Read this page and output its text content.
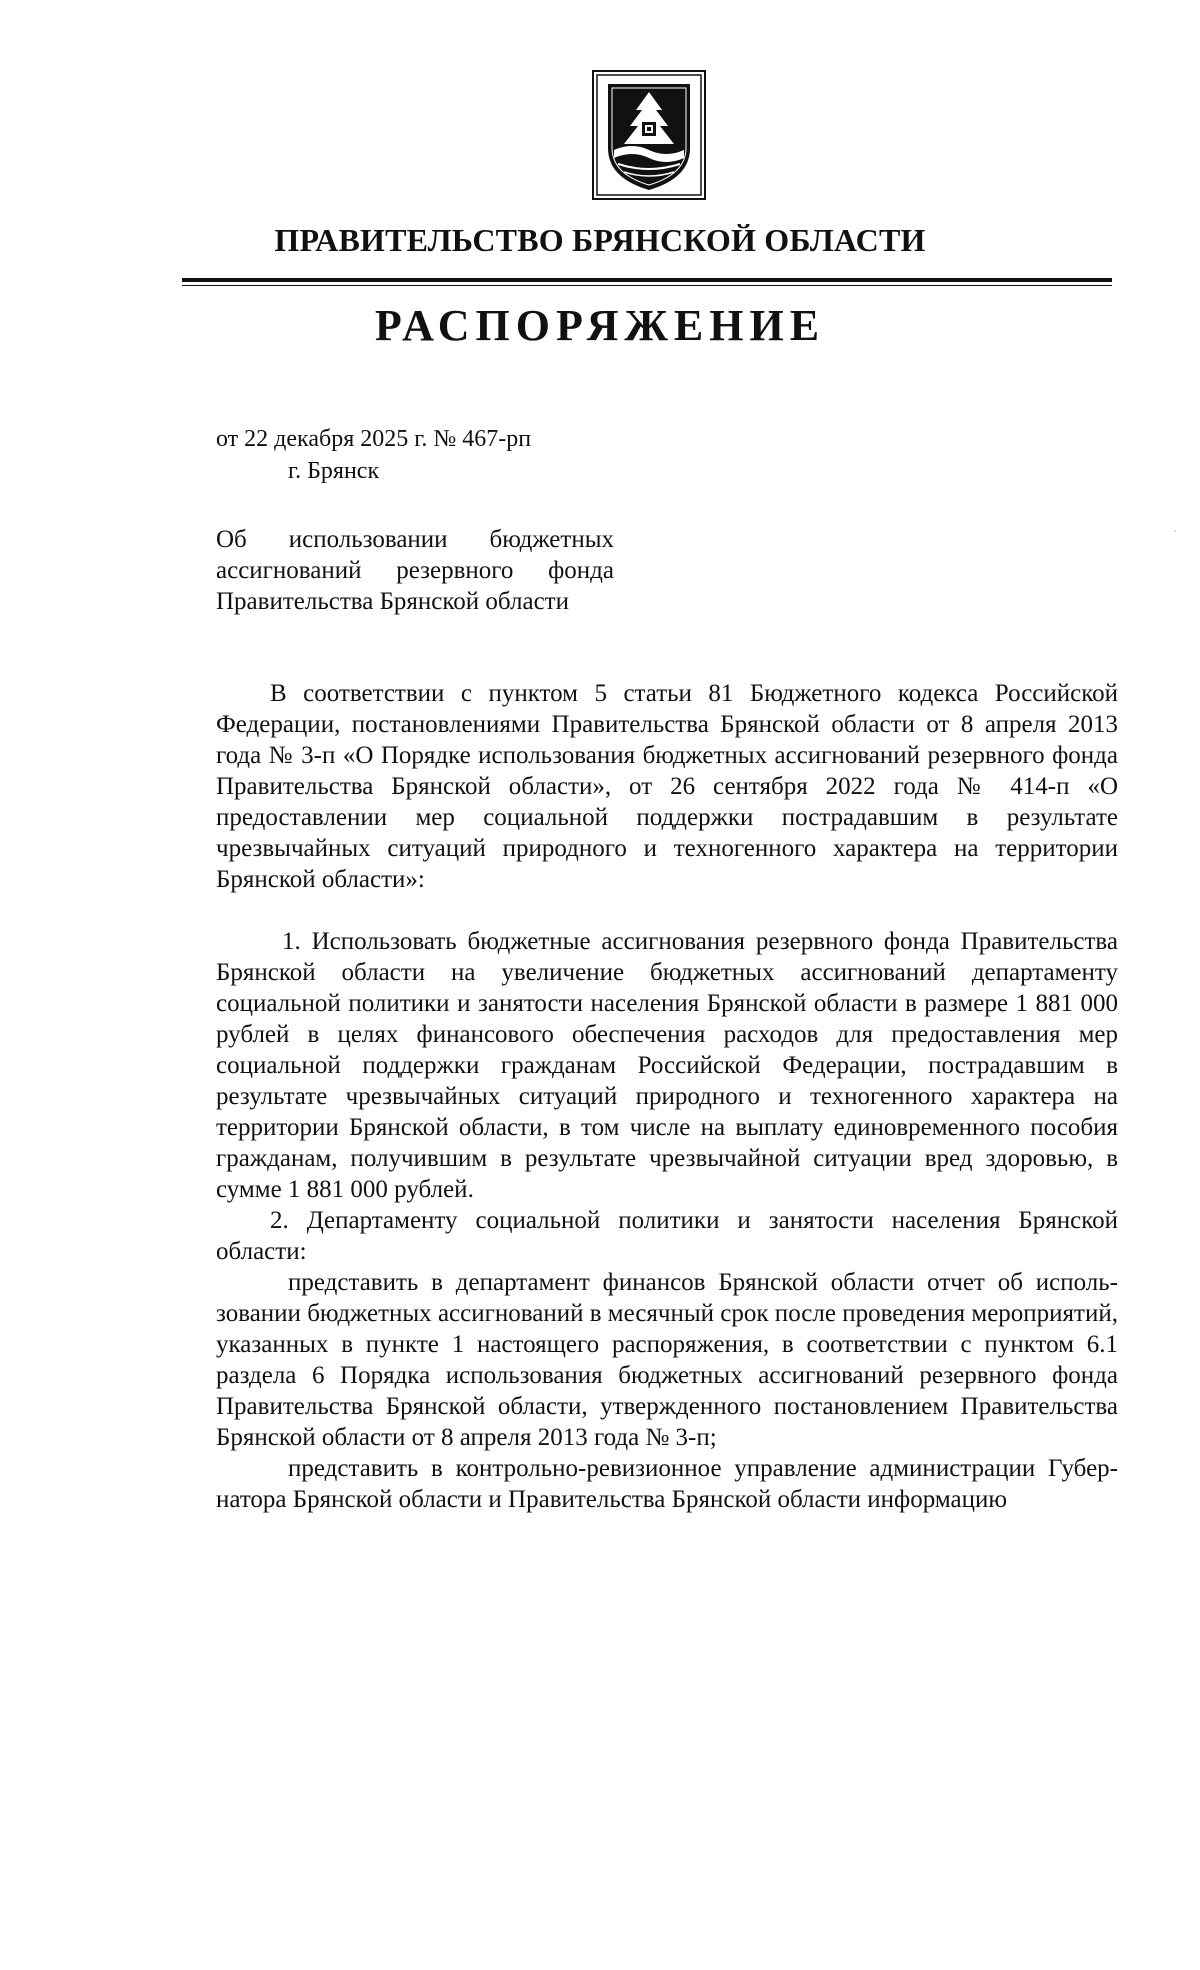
ПРАВИТЕЛЬСТВО БРЯНСКОЙ ОБЛАСТИ
РАСПОРЯЖЕНИЕ
от 22 декабря 2025 г. № 467-рп
г. Брянск
Об использовании бюджетных ассигнований резервного фонда Правительства Брянской области

В соответствии с пунктом 5 статьи 81 Бюджетного кодекса Российской Федерации, постановлениями Правительства Брянской области от 8 апреля 2013 года № 3-п «О Порядке использования бюджетных ассигнований резервного фонда Правительства Брянской области», от 26 сентября 2022 года № 414-п «О предоставлении мер социальной поддержки пострадавшим в результате чрезвычайных ситуаций природного и техногенного характера на территории Брянской области»:

1. Использовать бюджетные ассигнования резервного фонда Правительства Брянской области на увеличение бюджетных ассигнований департаменту социальной политики и занятости населения Брянской области в размере 1 881 000 рублей в целях финансового обеспечения расходов для предоставления мер социальной поддержки гражданам Российской Федерации, пострадавшим в результате чрезвычайных ситуаций природного и техногенного характера на территории Брянской области, в том числе на выплату единовременного пособия гражданам, получившим в результате чрезвычайной ситуации вред здоровью, в сумме 1 881 000 рублей.

2. Департаменту социальной политики и занятости населения Брянской области:

представить в департамент финансов Брянской области отчет об использовании бюджетных ассигнований в месячный срок после проведения мероприятий, указанных в пункте 1 настоящего распоряжения, в соответствии с пунктом 6.1 раздела 6 Порядка использования бюджетных ассигнований резервного фонда Правительства Брянской области, утвержденного постановлением Правительства Брянской области от 8 апреля 2013 года № 3-п;

представить в контрольно-ревизионное управление администрации Губернатора Брянской области и Правительства Брянской области информацию
